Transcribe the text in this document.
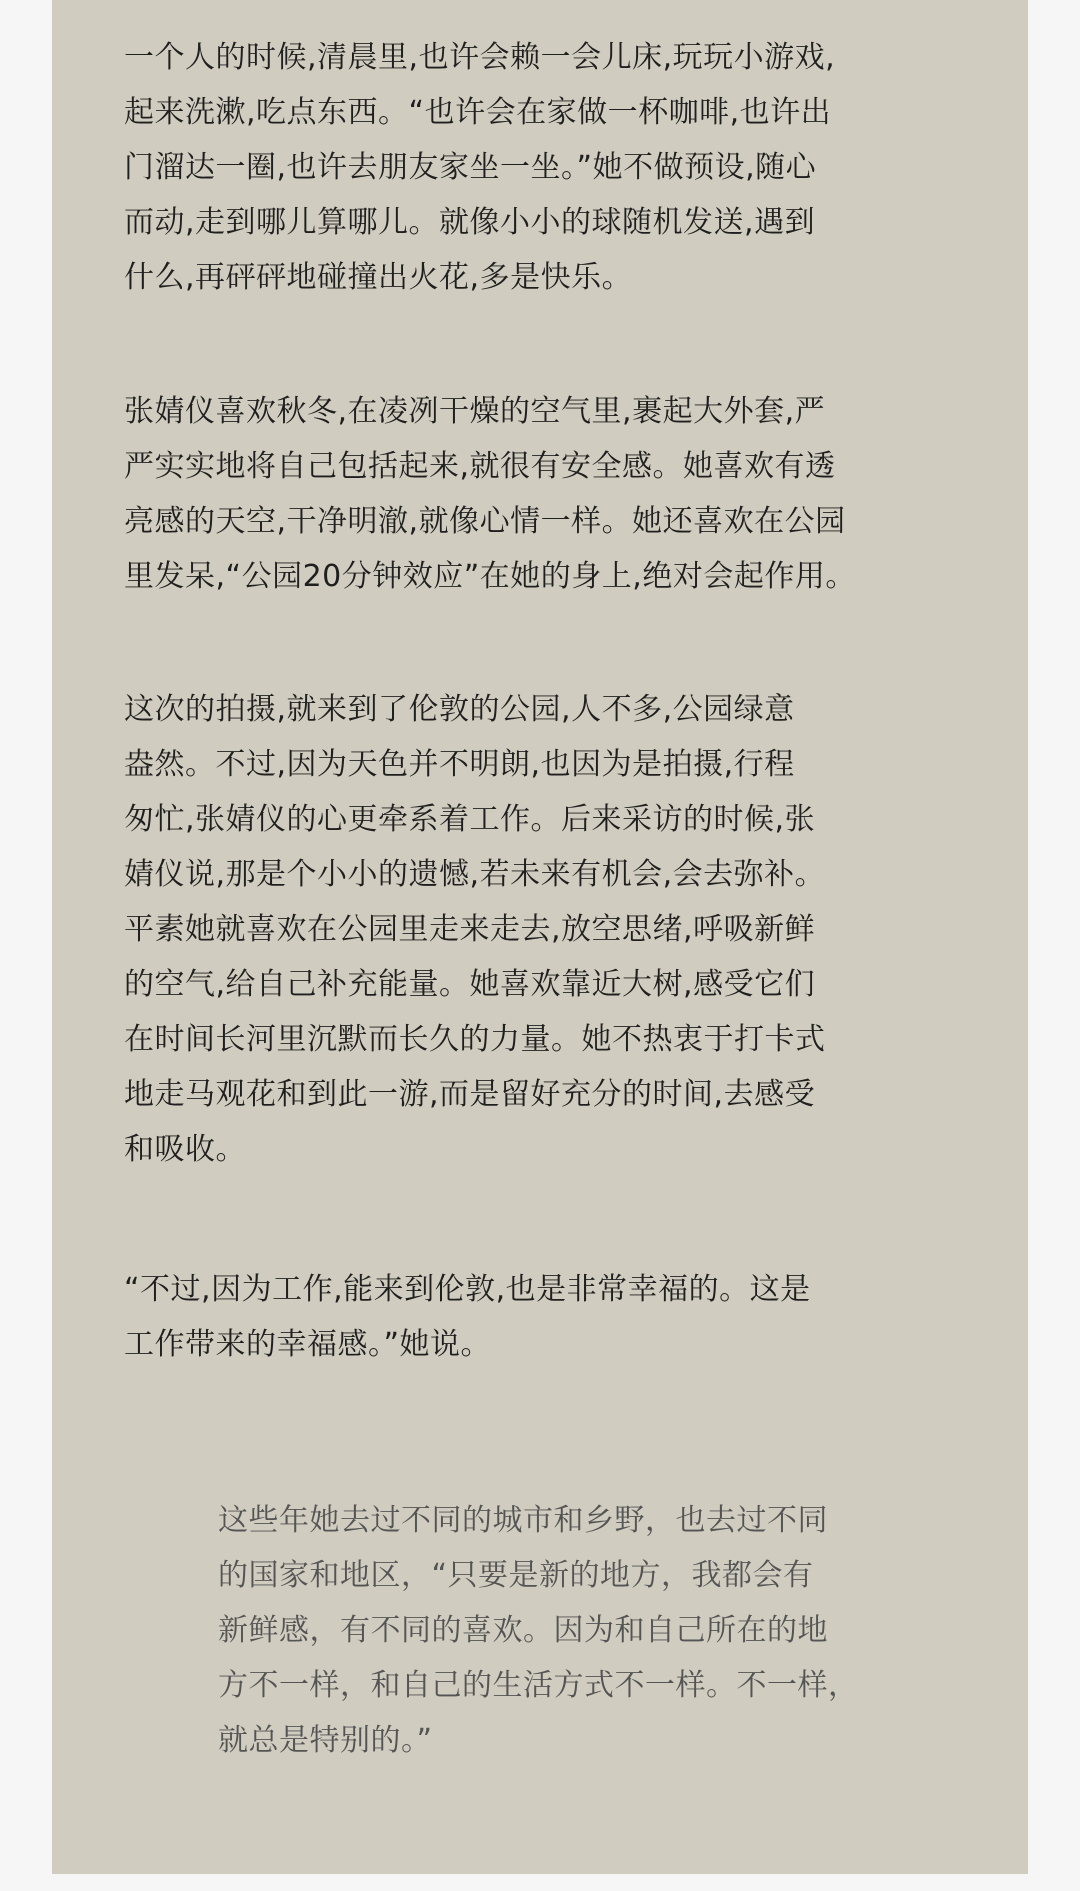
一个人的时候,清晨里,也许会赖一会儿床,玩玩小游戏,
起来洗漱,吃点东西。“也许会在家做一杯咖啡,也许出
门溜达一圈,也许去朋友家坐一坐。”她不做预设,随心
而动,走到哪儿算哪儿。就像小小的球随机发送,遇到
什么,再砰砰地碰撞出火花,多是快乐。

张婧仪喜欢秋冬,在凌冽干燥的空气里,裹起大外套,严
严实实地将自己包括起来,就很有安全感。她喜欢有透
亮感的天空,干净明澈,就像心情一样。她还喜欢在公园
里发呆,“公园20分钟效应”在她的身上,绝对会起作用。

这次的拍摄,就来到了伦敦的公园,人不多,公园绿意
盎然。不过,因为天色并不明朗,也因为是拍摄,行程
匆忙,张婧仪的心更牵系着工作。后来采访的时候,张
婧仪说,那是个小小的遗憾,若未来有机会,会去弥补。
平素她就喜欢在公园里走来走去,放空思绪,呼吸新鲜
的空气,给自己补充能量。她喜欢靠近大树,感受它们
在时间长河里沉默而长久的力量。她不热衷于打卡式
地走马观花和到此一游,而是留好充分的时间,去感受
和吸收。

“不过,因为工作,能来到伦敦,也是非常幸福的。这是
工作带来的幸福感。”她说。

这些年她去过不同的城市和乡野，也去过不同
的国家和地区，“只要是新的地方，我都会有
新鲜感，有不同的喜欢。因为和自己所在的地
方不一样，和自己的生活方式不一样。不一样，
就总是特别的。”
